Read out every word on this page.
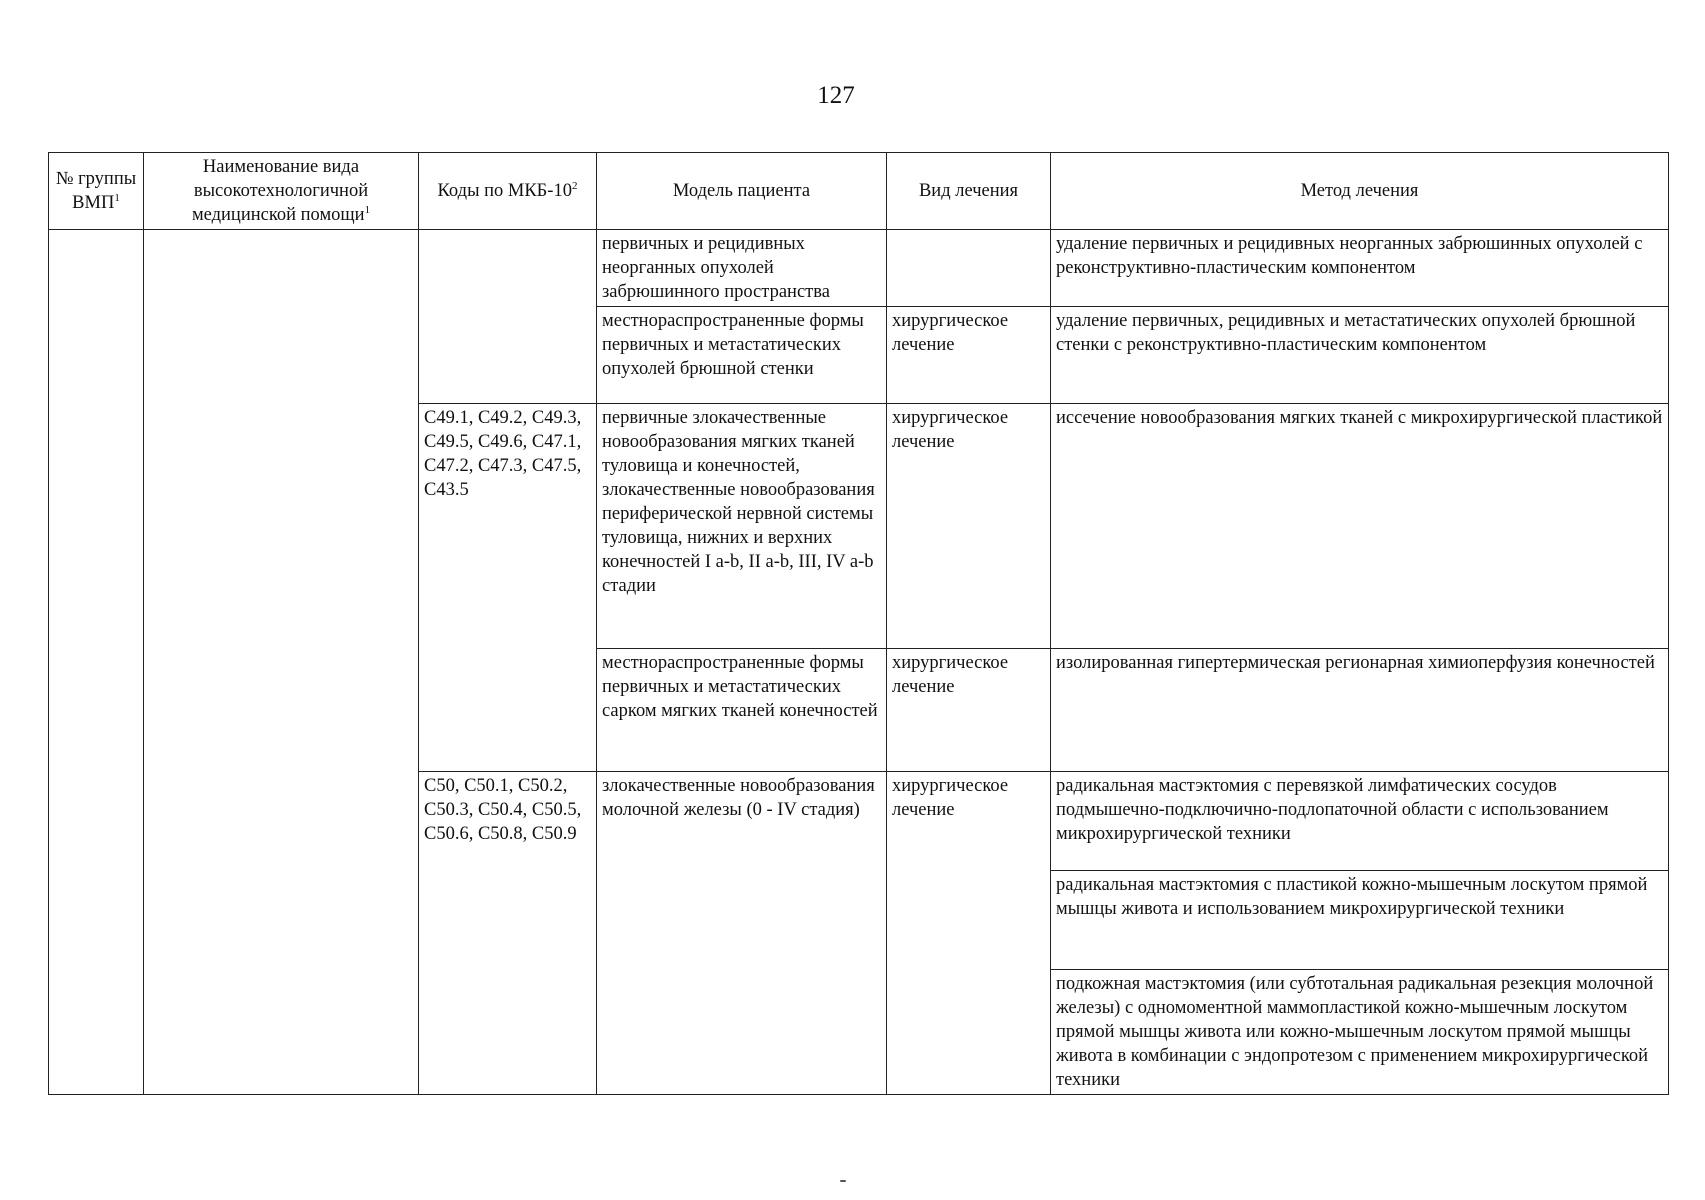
127
№ группы ВМП$^1$	Наименование вида высокотехнологичной медицинской помощи$^1$	Коды по МКБ-$10^2$	Модель пациента	Вид лечения	Метод лечения
			первичных и рецидивных неорганных опухолей забрюшинного пространства		удаление первичных и рецидивных неорганных забрюшинных опухолей с реконструктивно-пластическим компонентом
			местнораспространенные формы первичных и метастатических опухолей брюшной стенки	хирургическое лечение	удаление первичных, рецидивных и метастатических опухолей брюшной стенки с реконструктивно-пластическим компонентом
		C49.1, C49.2, C49.3, C49.5, C49.6, C47.1, C47.2, C47.3, C47.5, C43.5	первичные злокачественные новообразования мягких тканей туловища и конечностей, злокачественные новообразования периферической нервной системы туловища, нижних и верхних конечностей I a-b, II a-b, III, IV a-b стадии	хирургическое лечение	иссечение новообразования мягких тканей с микрохирургической пластикой
			местнораспространенные формы первичных и метастатических сарком мягких тканей конечностей	хирургическое лечение	изолированная гипертермическая регионарная химиоперфузия конечностей
		C50, C50.1, C50.2, C50.3, C50.4, C50.5, C50.6, C50.8, C50.9	злокачественные новообразования молочной железы (0 - IV стадия)	хирургическое лечение	радикальная мастэктомия с перевязкой лимфатических сосудов подмышечно-подключично-подлопаточной области с использованием микрохирургической техники
					радикальная мастэктомия с пластикой кожно-мышечным лоскутом прямой мышцы живота и использованием микрохирургической техники
					подкожная мастэктомия (или субтотальная радикальная резекция молочной железы) с одномоментной маммопластикой кожно-мышечным лоскутом прямой мышцы живота или кожно-мышечным лоскутом прямой мышцы живота в комбинации с эндопротезом с применением микрохирургической техники
